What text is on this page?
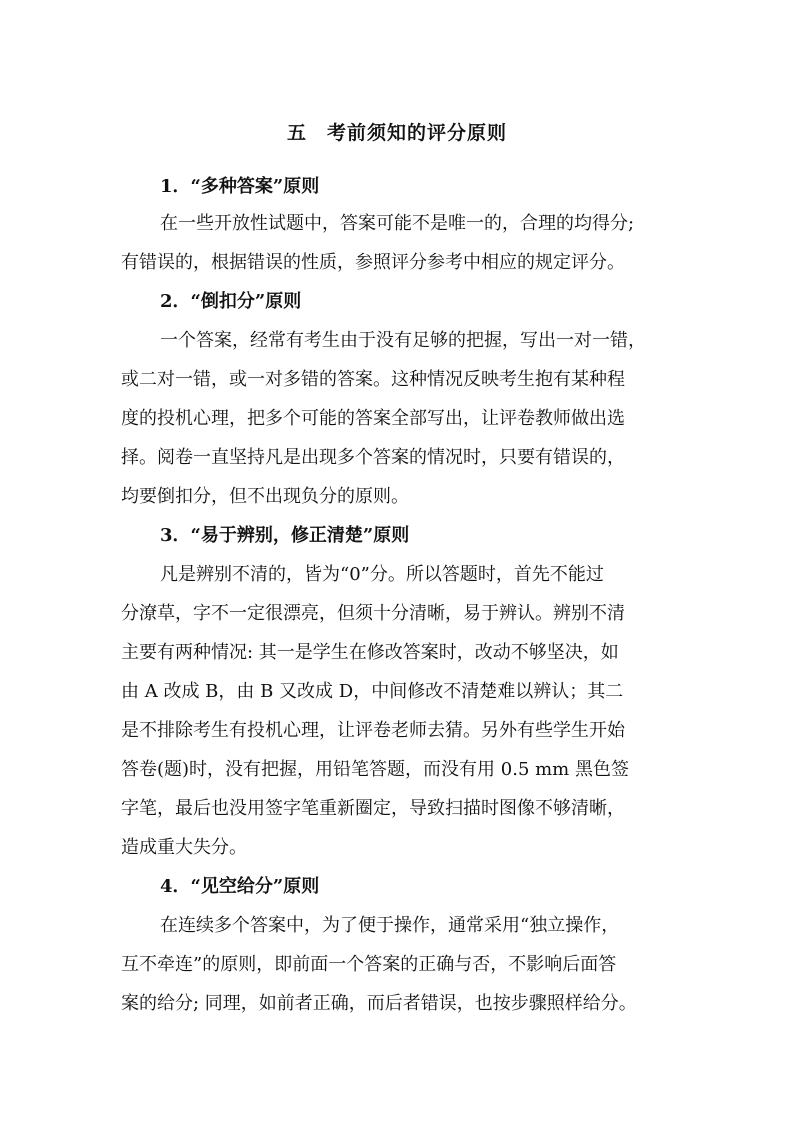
五　考前须知的评分原则
1．“多种答案”原则
在一些开放性试题中，答案可能不是唯一的，合理的均得分;
有错误的，根据错误的性质，参照评分参考中相应的规定评分。
2．“倒扣分”原则
一个答案，经常有考生由于没有足够的把握，写出一对一错，
或二对一错，或一对多错的答案。这种情况反映考生抱有某种程
度的投机心理，把多个可能的答案全部写出，让评卷教师做出选
择。阅卷一直坚持凡是出现多个答案的情况时，只要有错误的，
均要倒扣分，但不出现负分的原则。
3．“易于辨别，修正清楚”原则
凡是辨别不清的，皆为“0”分。所以答题时，首先不能过
分潦草，字不一定很漂亮，但须十分清晰，易于辨认。辨别不清
主要有两种情况: 其一是学生在修改答案时，改动不够坚决，如
由 A 改成 B，由 B 又改成 D，中间修改不清楚难以辨认；其二
是不排除考生有投机心理，让评卷老师去猜。另外有些学生开始
答卷(题)时，没有把握，用铅笔答题，而没有用 0.5 mm 黑色签
字笔，最后也没用签字笔重新圈定，导致扫描时图像不够清晰，
造成重大失分。
4．“见空给分”原则
在连续多个答案中，为了便于操作，通常采用“独立操作，
互不牵连”的原则，即前面一个答案的正确与否，不影响后面答
案的给分; 同理，如前者正确，而后者错误，也按步骤照样给分。
